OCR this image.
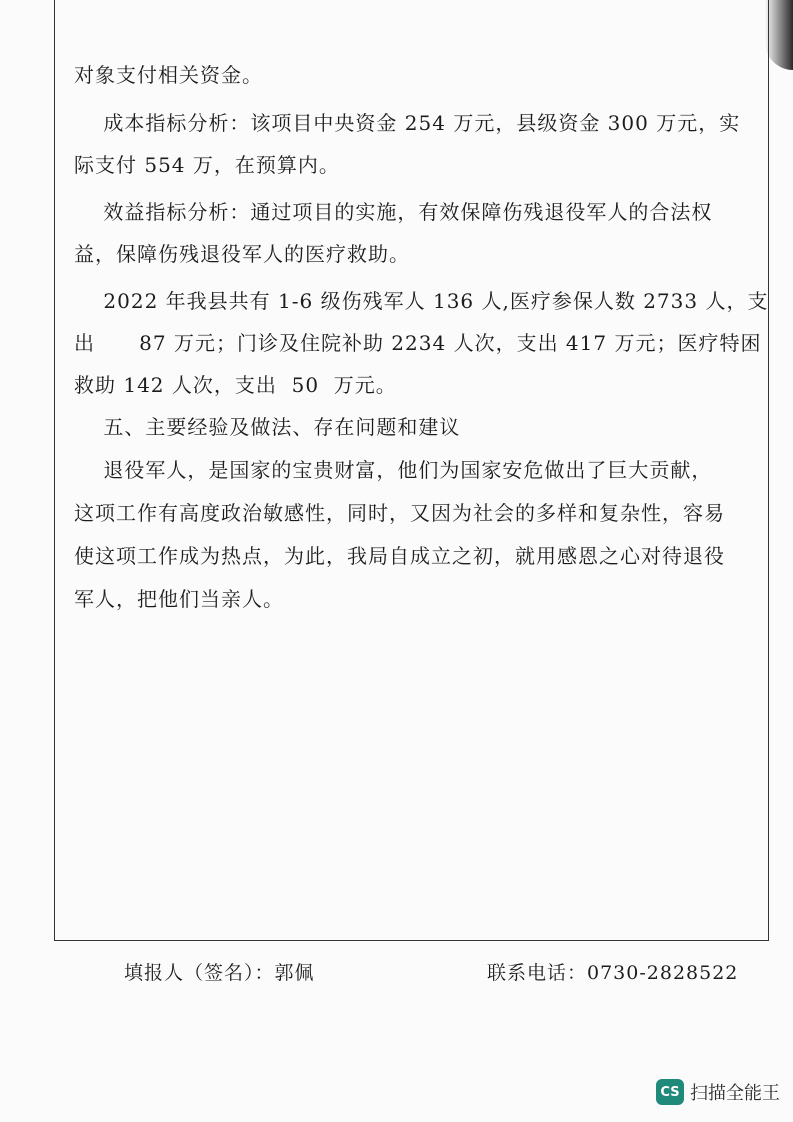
对象支付相关资金。

成本指标分析：该项目中央资金 254 万元，县级资金 300 万元，实

际支付 554 万，在预算内。

效益指标分析：通过项目的实施，有效保障伤残退役军人的合法权

益，保障伤残退役军人的医疗救助。

2022 年我县共有 1-6 级伤残军人 136 人,医疗参保人数 2733 人，支

出      87 万元；门诊及住院补助 2234 人次，支出 417 万元；医疗特困

救助 142 人次，支出  50  万元。

五、主要经验及做法、存在问题和建议

退役军人，是国家的宝贵财富，他们为国家安危做出了巨大贡献，

这项工作有高度政治敏感性，同时，又因为社会的多样和复杂性，容易

使这项工作成为热点，为此，我局自成立之初，就用感恩之心对待退役

军人，把他们当亲人。

填报人（签名）：郭佩	联系电话：0730-2828522
CS 扫描全能王
